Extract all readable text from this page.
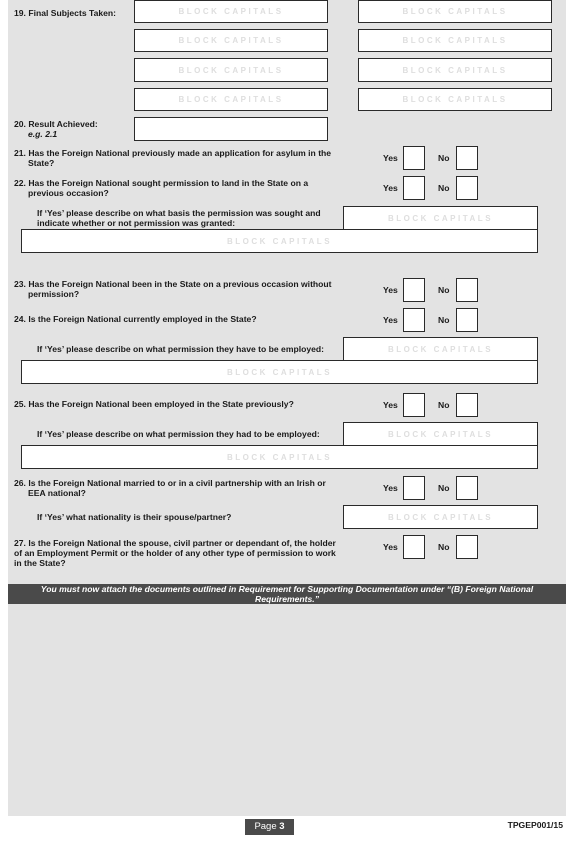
19. Final Subjects Taken:	BLOCK CAPITALS	BLOCK CAPITALS
BLOCK CAPITALS	BLOCK CAPITALS
BLOCK CAPITALS	BLOCK CAPITALS
BLOCK CAPITALS	BLOCK CAPITALS
20. Result Achieved:
e.g. 2.1
21. Has the Foreign National previously made an application for asylum in the
State?	Yes	No
22. Has the Foreign National sought permission to land in the State on a
previous occasion?	Yes	No
If ‘Yes’ please describe on what basis the permission was sought and
indicate whether or not permission was granted:	BLOCK CAPITALS
BLOCK CAPITALS
23. Has the Foreign National been in the State on a previous occasion without
permission?	Yes	No
24. Is the Foreign National currently employed in the State?	Yes	No
If ‘Yes’ please describe on what permission they have to be employed:	BLOCK CAPITALS
BLOCK CAPITALS
25. Has the Foreign National been employed in the State previously?	Yes	No
If ‘Yes’ please describe on what permission they had to be employed:	BLOCK CAPITALS
BLOCK CAPITALS
26. Is the Foreign National married to or in a civil partnership with an Irish or
EEA national?	Yes	No
If ‘Yes’ what nationality is their spouse/partner?	BLOCK CAPITALS
27. Is the Foreign National the spouse, civil partner or dependant of, the holder
of an Employment Permit or the holder of any other type of permission to work
in the State?
Yes	No
You must now attach the documents outlined in Requirement for Supporting Documentation under “(B) Foreign National
Requirements.”
Page 3	TPGEP001/15
